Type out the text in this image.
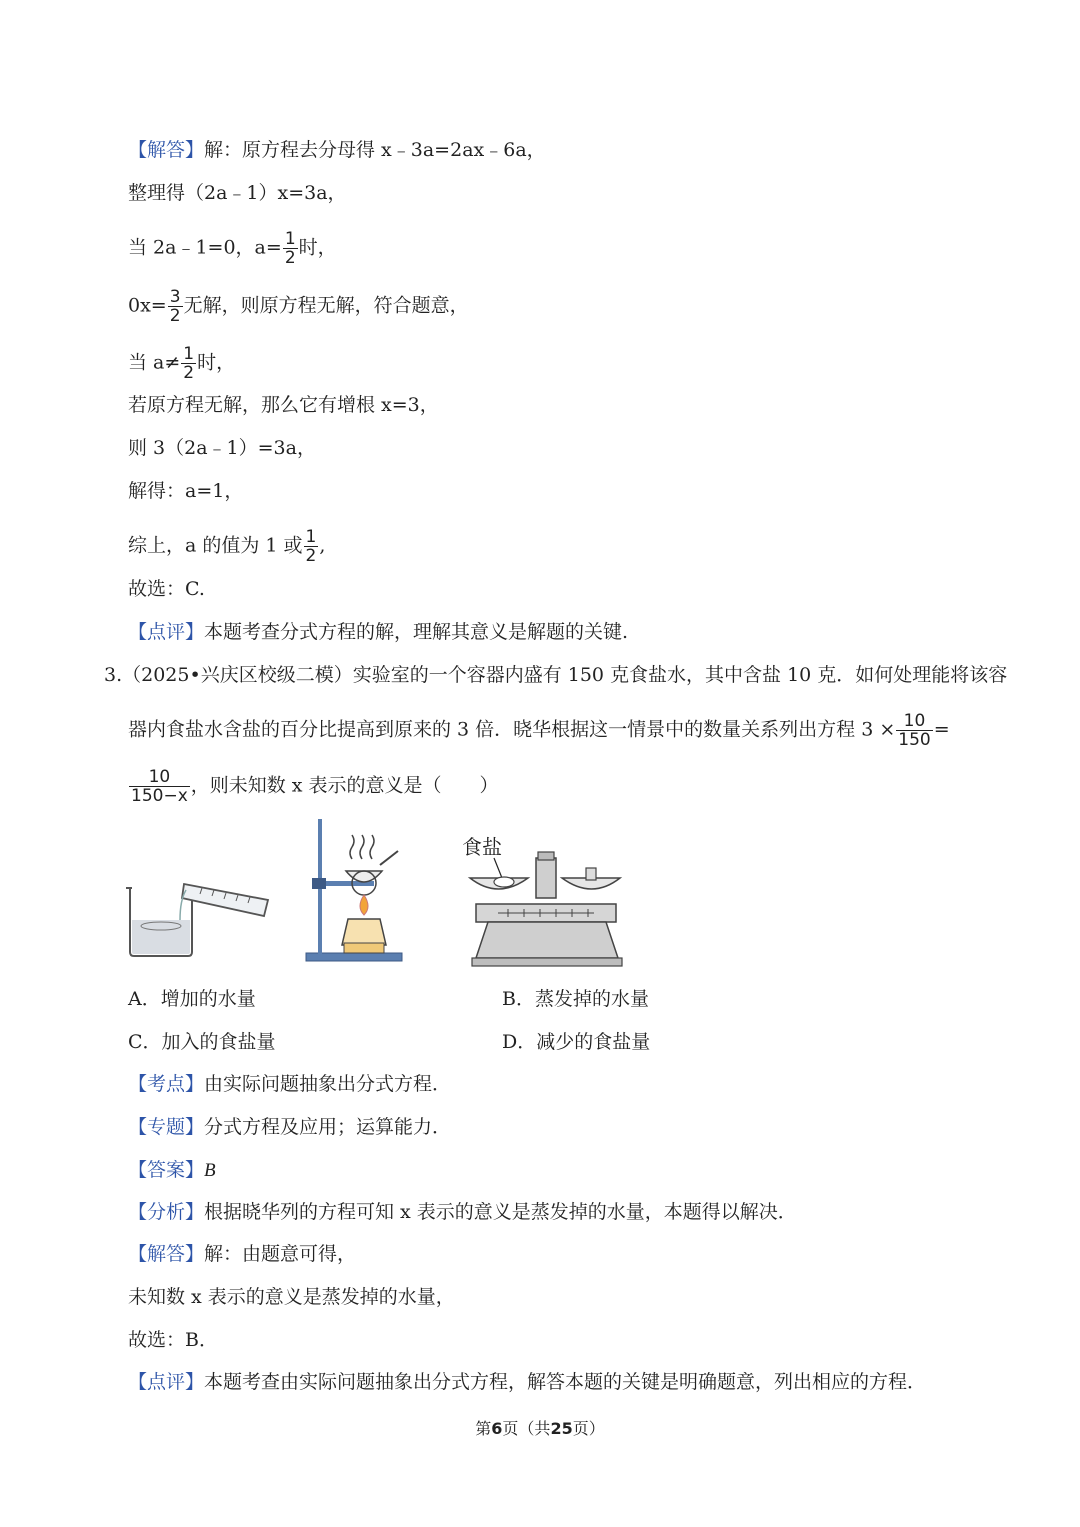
【解答】解：原方程去分母得 x﹣3a=2ax﹣6a，
整理得（2a﹣1）x=3a，
当 2a﹣1=0，$a= \frac{1}{2}$ 时，
$0x= \frac{3}{2}$ 无解，则原方程无解，符合题意，
当 $a\ne \frac{1}{2}$ 时，
若原方程无解，那么它有增根 x=3，
则 3（2a﹣1）=3a，
解得：a=1，
综上，a 的值为 1 或 $\frac{1}{2}$ ,
故选：C.
【点评】本题考查分式方程的解，理解其意义是解题的关键.
3.（2025•兴庆区校级二模）实验室的一个容器内盛有 150 克食盐水，其中含盐 10 克．如何处理能将该容
器内食盐水含盐的百分比提高到原来的 3 倍．晓华根据这一情景中的数量关系列出方程 $3 \times \frac{10}{150}$ =
$\frac{10}{150-x}$ ，则未知数 x 表示的意义是（　　）
食盐
A．增加的水量	B．蒸发掉的水量
C．加入的食盐量	D．减少的食盐量
【考点】由实际问题抽象出分式方程．
【专题】分式方程及应用；运算能力．
【答案】B
【分析】根据晓华列的方程可知 x 表示的意义是蒸发掉的水量，本题得以解决．
【解答】解：由题意可得，
未知数 x 表示的意义是蒸发掉的水量，
故选：B．
【点评】本题考查由实际问题抽象出分式方程，解答本题的关键是明确题意，列出相应的方程．
第6页（共25页）
